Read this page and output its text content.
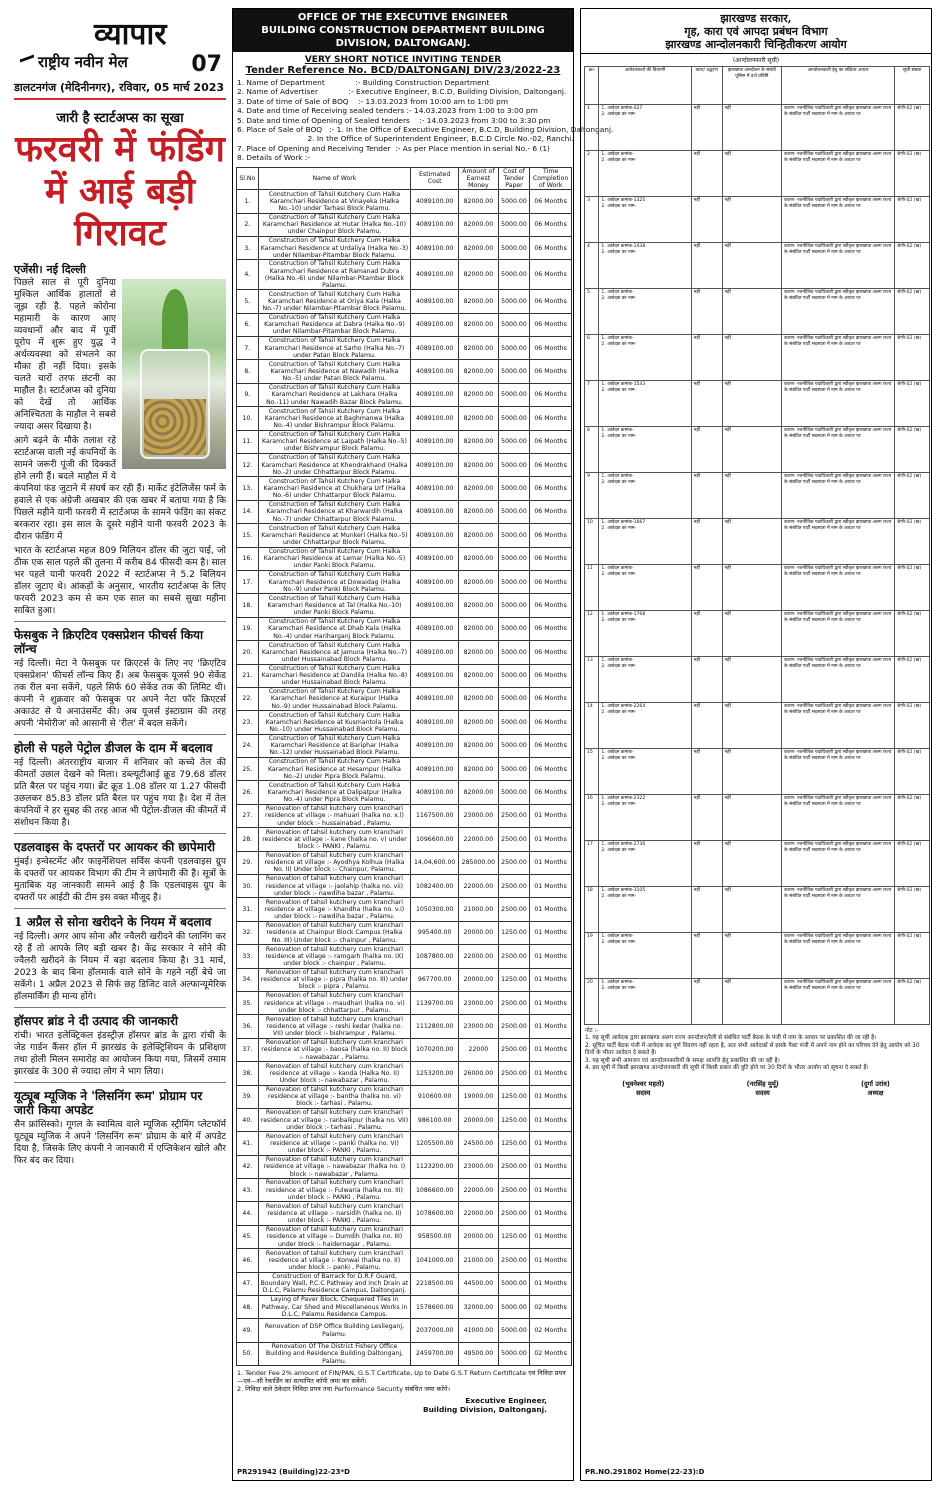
व्यापार
राष्ट्रीय नवीन मेल	07
डालटनगंज (मेदिनीनगर), रविवार, 05 मार्च 2023
जारी है स्टार्टअप्स का सूखा
फरवरी में फंडिंग में आई बड़ी गिरावट
एजेंसी। नई दिल्ली

पिछले साल से पूरी दुनिया मुश्किल आर्थिक हालातों से जूझ रही है. पहले कोरोना महामारी के कारण आए व्यवधानों और बाद में पूर्वी यूरोप में शुरू हुए युद्ध ने अर्थव्यवस्था को संभलने का मौका ही नहीं दिया। इसके चलते चारों तरफ छंटनी का माहौल है। स्टार्टअप्स को दुनिया को देखें तो आर्थिक अनिश्चितता के माहौल ने सबसे ज्यादा असर दिखाया है।

आगे बढ़ने के मौके तलाश रहे स्टार्टअप्स वाली नई कंपनियों के सामने जरूरी पूंजी की दिक्कतें होने लगी हैं। बदले माहौल में ये कंपनियां फंड जुटाने में संघर्ष कर रही हैं। मार्केट इंटेलिजेंस फर्म के हवाले से एक अंग्रेजी अखबार की एक खबर में बताया गया है कि पिछले महीने यानी फरवरी में स्टार्टअप्स के सामने फंडिंग का संकट बरकरार रहा। इस साल के दूसरे महीने यानी फरवरी 2023 के दौरान फंडिंग में

भारत के स्टार्टअप्स महज 809 मिलियन डॉलर की जुटा पाई, जो ठीक एक साल पहले की तुलना में करीब 84 फीसदी कम है। साल भर पहले यानी फरवरी 2022 में स्टार्टअप्स ने 5.2 बिलियन डॉलर जुटाए थे। आंकड़ों के अनुसार, भारतीय स्टार्टअप्स के लिए फरवरी 2023 कम से कम एक साल का सबसे सुखा महीना साबित हुआ।

फेसबुक ने क्रिएटिव एक्सप्रेशन फीचर्स किया लॉन्च
नई दिल्ली। मेटा ने फेसबुक पर क्रिएटर्स के लिए नए 'क्रिएटिव एक्सप्रेशन' फीचर्स लॉन्च किए हैं। अब फेसबुक यूजर्स 90 सेकेंड तक रील बना सकेंगे, पहले सिर्फ 60 सेकेंड तक की लिमिट थी। कंपनी ने शुक्रवार को फेसबुक पर अपने नेटा फॉर क्रिएटर्स अकाउंट से ये अनाउंसमेंट की। अब यूजर्स इंस्टाग्राम की तरह अपनी 'मेमोरीज' को आसानी से 'रील' में बदल सकेंगे।
होली से पहले पेट्रोल डीजल के दाम में बदलाव
नई दिल्ली। अंतरराष्ट्रीय बाजार में शनिवार को कच्चे तेल की कीमतों उछाल देखने को मिला। डब्ल्यूटीआई क्रूड 79.68 डॉलर प्रति बैरल पर पहुंच गया। ब्रेंट क्रूड 1.08 डॉलर या 1.27 फीसदी उछलकर 85.83 डॉलर प्रति बैरल पर पहुंच गया है। देश में तेल कंपनियों ने हर सुबह की तरह आज भी पेट्रोल-डीजल की कीमतें में संशोधन किया है।
एडलवाइस के दफ्तरों पर आयकर की छापेमारी
मुंबई। इन्वेस्टमेंट और फाइनेंशियल सर्विस कंपनी एडलवाइस ग्रुप के दफ्तरों पर आयकर विभाग की टीम ने छापेमारी की है। सूत्रों के मुताबिक यह जानकारी सामने आई है कि एडलवाइस ग्रुप के दफ्तरों पर आईटी की टीम इस वक्त मौजूद है।
1 अप्रैल से सोना खरीदने के नियम में बदलाव
नई दिल्ली। अगर आप सोना और ज्वैलरी खरीदने की प्लानिंग कर रहे हैं तो आपके लिए बड़ी खबर है। केंद्र सरकार ने सोने की ज्वैलरी खरीदने के नियम में बड़ा बदलाव किया है। 31 मार्च, 2023 के बाद बिना हॉलमार्क वाले सोने के गहने नहीं बेचे जा सकेंगे। 1 अप्रैल 2023 से सिर्फ छह डिजिट वाले अल्फान्यूमेरिक हॉलमार्किंग ही मान्य होंगे।
हॉसपर ब्रांड ने दी उत्पाद की जानकारी
रांची। भारत इलेक्ट्रिकल इंडस्ट्रीज़ हॉसपर ब्रांड के द्वारा रांची के जेड गार्डन कैंसर हॉल में झारखंड के इलेक्ट्रिशियन के प्रशिक्षण तथा होली मिलन समारोह का आयोजन किया गया, जिसमें तमाम झारखंड के 300 से ज्यादा लोग ने भाग लिया।
यूट्यूब म्यूजिक ने 'लिसनिंग रूम' प्रोग्राम पर जारी किया अपडेट
सैन फ्रांसिस्को। गूगल के स्वामित्व वाले म्यूजिक स्ट्रीमिंग प्लेटफॉर्म यूट्यूब म्यूजिक ने अपने 'लिसनिंग रूम' प्रोग्राम के बारे में अपडेट दिया है, जिसके लिए कंपनी ने जानकारी में एप्लिकेशन खोले और फिर बंद कर दिया।
OFFICE OF THE EXECUTIVE ENGINEER
BUILDING CONSTRUCTION DEPARTMENT BUILDING DIVISION, DALTONGANJ.
VERY SHORT NOTICE INVITING TENDER
Tender Reference No. BCD/DALTONGANJ DIV/23/2022-23
1. Name of Department             :- Building Construction Department
2. Name of Advertiser             :- Executive Engineer, B.C.D, Building Division, Daltonganj.
3. Date of time of Sale of BOQ    :- 13.03.2023 from 10:00 am to 1:00 pm
4. Date and time of Receiving sealed tenders :- 14.03.2023 from 1:00 to 3:00 pm
5. Date and time of Opening of Sealed tenders    :- 14.03.2023 from 3:00 to 3:30 pm
6. Place of Sale of BOQ   :- 1. In the Office of Executive Engineer, B.C.D, Building Division, Daltonganj.
2. In the Office of Superintendent Engineer, B.C.D Circle No.-02, Ranchi.
7. Place of Opening and Receiving Tender  :- As per Place mention in serial No.- 6 (1)
8. Details of Work :-
Sl.No	Name of Work	Estimated Cost	Amount of Earnest Money	Cost of Tender Paper	Time Completion of Work
1.	Construction of Tahsil Kutchery Cum Halka Karamchari Residence at Vinayeka (Halka No.-10) under Tarhasi Block Palamu.	4089100.00	82000.00	5000.00	06 Months
2.	Construction of Tahsil Kutchery Cum Halka Karamchari Residence at Hutar (Halka No.-10) under Chainpur Block Palamu.	4089100.00	82000.00	5000.00	06 Months
3.	Construction of Tahsil Kutchery Cum Halka Karamchari Residence at Urdaliya (Halka No.-3) under Nilambar-Pitambar Block Palamu.	4089100.00	82000.00	5000.00	06 Months
4.	Construction of Tahsil Kutchery Cum Halka Karamchari Residence at Ramanad Dubra (Halka No.-6) under Nilambar-Pitambar Block Palamu.	4089100.00	82000.00	5000.00	06 Months
5.	Construction of Tahsil Kutchery Cum Halka Karamchari Residence at Oriya Kala (Halka No.-7) under Nilambar-Pitambar Block Palamu.	4089100.00	82000.00	5000.00	06 Months
6.	Construction of Tahsil Kutchery Cum Halka Karamchari Residence at Dabra (Halka No.-9) under Nilambar-Pitambar Block Palamu.	4089100.00	82000.00	5000.00	06 Months
7.	Construction of Tahsil Kutchery Cum Halka Karamchari Residence at Sarho (Halka No.-7) under Patan Block Palamu.	4089100.00	82000.00	5000.00	06 Months
8.	Construction of Tahsil Kutchery Cum Halka Karamchari Residence at Nawadih (Halka No.-5) under Patan Block Palamu.	4089100.00	82000.00	5000.00	06 Months
9.	Construction of Tahsil Kutchery Cum Halka Karamchari Residence at Lakhara (Halka No.-11) under Nawadih Bazar Block Palamu.	4089100.00	82000.00	5000.00	06 Months
10.	Construction of Tahsil Kutchery Cum Halka Karamchari Residence at Baghmanwa (Halka No.-4) under Bishrampur Block Palamu.	4089100.00	82000.00	5000.00	06 Months
11.	Construction of Tahsil Kutchery Cum Halka Karamchari Residence at Laipath (Halka No.-5) under Bishrampur Block Palamu.	4089100.00	82000.00	5000.00	06 Months
12.	Construction of Tahsil Kutchery Cum Halka Karamchari Residence at Khendrakhand (Halka No.-2) under Chhattarpur Block Palamu.	4089100.00	82000.00	5000.00	06 Months
13.	Construction of Tahsil Kutchery Cum Halka Karamchari Residence at Chukhara Urf (Halka No.-6) under Chhattarpur Block Palamu.	4089100.00	82000.00	5000.00	06 Months
14.	Construction of Tahsil Kutchery Cum Halka Karamchari Residence at Kharwardih (Halka No.-7) under Chhattarpur Block Palamu.	4089100.00	82000.00	5000.00	06 Months
15.	Construction of Tahsil Kutchery Cum Halka Karamchari Residence at Munkeri (Halka No.-5) under Chhattarpur Block Palamu.	4089100.00	82000.00	5000.00	06 Months
16.	Construction of Tahsil Kutchery Cum Halka Karamchari Residence at Lemar (Halka No.-5) under Panki Block Palamu.	4089100.00	82000.00	5000.00	06 Months
17.	Construction of Tahsil Kutchery Cum Halka Karamchari Residence at Dowaidag (Halka No.-9) under Panki Block Palamu.	4089100.00	82000.00	5000.00	06 Months
18.	Construction of Tahsil Kutchery Cum Halka Karamchari Residence at Tal (Halka No.-10) under Panki Block Palamu.	4089100.00	82000.00	5000.00	06 Months
19.	Construction of Tahsil Kutchery Cum Halka Karamchari Residence at Dhab Kala (Halka No.-4) under Hariharganj Block Palamu.	4089100.00	82000.00	5000.00	06 Months
20.	Construction of Tahsil Kutchery Cum Halka Karamchari Residence at Jamuna (Halka No.-7) under Hussainabad Block Palamu.	4089100.00	82000.00	5000.00	06 Months
21.	Construction of Tahsil Kutchery Cum Halka Karamchari Residence at Dandila (Halka No.-8) under Hussainabad Block Palamu.	4089100.00	82000.00	5000.00	06 Months
22.	Construction of Tahsil Kutchery Cum Halka Karamchari Residence at Kuraipur (Halka No.-9) under Hussainabad Block Palamu.	4089100.00	82000.00	5000.00	06 Months
23.	Construction of Tahsil Kutchery Cum Halka Karamchari Residence at Kusmantola (Halka No.-10) under Hussainabad Block Palamu.	4089100.00	82000.00	5000.00	06 Months
24.	Construction of Tahsil Kutchery Cum Halka Karamchari Residence at Bariphar (Halka No.-12) under Hussainabad Block Palamu.	4089100.00	82000.00	5000.00	06 Months
25.	Construction of Tahsil Kutchery Cum Halka Karamchari Residence at Hesampur (Halka No.-2) under Pipra Block Palamu.	4089100.00	82000.00	5000.00	06 Months
26.	Construction of Tahsil Kutchery Cum Halka Karamchari Residence at Dalipatpur (Halka No.-4) under Pipra Block Palamu.	4089100.00	82000.00	5000.00	06 Months
27.	Renovation of tahsil kutchery cum kranchari residence at village :- mahuari (halka no. x.l) under block :- hussainabad , Palamu.	1167500.00	23000.00	2500.00	01 Months
28.	Renovation of tahsil kutchery cum kranchari residence at village :- kane (halka no. v) under block :- PANKI , Palamu.	1096600.00	22000.00	2500.00	01 Months
29.	Renovation of tahsil kutchery cum kranchari residence at village :- Ayodhya Kolhua (Halka No. II) Under block :- Chainpur, Palamu.	14,04,600.00	285000.00	2500.00	01 Months
30.	Renovation of tahsil kutchery cum kranchari residence at village :- jaolahip (halka no. vii) under block :- nawdiha bazar , Palamu.	1082400.00	22000.00	2500.00	01 Months
31.	Renovation of tahsil kutchery cum kranchari residence at village :- khandha (halka no. v.i) under block :- nawdiha bazar , Palamu.	1050300.00	21000.00	2500.00	01 Months
32.	Renovation of tahsil kutchery cum kranchari residence at Chainpur Block Campus (Halka No. III) Under block :- chainpur , Palamu.	995400.00	20000.00	1250.00	01 Months
33.	Renovation of tahsil kutchery cum kranchari residence at village :- ramgarh (halka no. IX) under block :- chainpur , Palamu.	1087800.00	22000.00	2500.00	01 Months
34.	Renovation of tahsil kutchery cum kranchari residence at village :- pipra (halka no. III) under block :- pipra , Palamu.	967700.00	20000.00	1250.00	01 Months
35.	Renovation of tahsil kutchery cum kranchari residence at village :- maudhari (halka no. vi) under block :- chhattarpur , Palamu.	1139700.00	23000.00	2500.00	01 Months
36.	Renovation of tahsil kutchery cum kranchari residence at village :- reshi kedar (halka no. VII) under block :- bishrampur , Palamu.	1112800.00	23000.00	2500.00	01 Months
37.	Renovation of tahsil kutchery cum kranchari residence at village :- baosa (halka no. II) block :- nawabazar , Palamu.	1070200.00	22000	2500.00	01 Months
38.	Renovation of tahsil kutchery cum kranchari residence at village :- kanda (Halka No. II) Under block :- nawabazar , Palamu.	1253200.00	26000.00	2500.00	01 Months
39.	Renovation of tahsil kutchery cum kranchari residence at village :- bantha (halka no. vi) block :- tarhasi , Palamu.	910600.00	19000.00	1250.00	01 Months
40.	Renovation of tahsil kutchery cum kranchari residence at village :- ranbaikpur (halka no. VII) under block :- tarhasi , Palamu.	986100.00	20000.00	1250.00	01 Months
41.	Renovation of tahsil kutchery cum kranchari residence at village :- panki (halka no. VI) under block :- PANKI , Palamu.	1205500.00	24500.00	1250.00	01 Months
42.	Renovation of tahsil kutchery cum kranchari residence at village :- nawabazar (halka no. I) block :- nawabazar , Palamu.	1123200.00	23000.00	2500.00	01 Months
43.	Renovation of tahsil kutchery cum kranchari residence at village :- Fulwaria (halka no. III) under block :- PANKI , Palamu.	1086600.00	22000.00	2500.00	01 Months
44.	Renovation of tahsil kutchery cum kranchari residence at village :- narsidih (halka no. II) under block :- PANKI , Palamu.	1078600.00	22000.00	2500.00	01 Months
45.	Renovation of tahsil kutchery cum kranchari residence at village :- Dumdih (halka no. III) under block :- haidernagar , Palamu.	958500.00	20000.00	1250.00	01 Months
46.	Renovation of tahsil kutchery cum kranchari residence at village :- Konwai (halka no. II) under block :- panki , Palamu.	1041000.00	21000.00	2500.00	01 Months
47.	Construction of Barrack for D.R.F Guard, Boundary Wall, P.C.C Pathway and Inch Drain at D.L.C, Palamu Residence Campus, Daltonganj.	2218500.00	44500.00	5000.00	01 Months
48.	Laying of Paver Block, Chequered Tiles in Pathway, Car Shed and Miscellaneous Works in D.L.C, Palamu Residence Campus.	1578600.00	32000.00	5000.00	02 Months
49.	Renovation of DSP Office Building Leslieganj, Palamu.	2037000.00	41000.00	5000.00	02 Months
50.	Renovation Of The District Fishery Office Building and Residence Building Daltonganj, Palamu.	2459700.00	49500.00	5000.00	02 Months
1. Tender Fee 2% amount of FIN/PAN, G.S.T Certificate, Up to Date G.S.T Return Certificate एवं निविदा प्रपत्र—एवं—सी रेकार्डिंग का सत्यापित कॉपी जमा कर सकेंगे।
2. निविदा वाले ठेकेदार निविदा प्रपत्र तथा Performance Security संबंधित जमा करेंगे।
Executive Engineer,
Building Division, Daltonganj.
PR291942 (Building)22-23*D
झारखण्ड सरकार,
गृह, कारा एवं आपदा प्रबंधन विभाग
झारखण्ड आन्दोलनकारी चिन्हितीकरण आयोग
(आन्दोलनकारी सूची)
क्र०	आवेदनकर्त्ता की विवरणी	कारा/ उद्धरण	झारखण्ड आन्दोलन के संबंधी पुलिस में दर्ज प्रविष्टि	आन्दोलनकारी हेतु का संक्षिप्त आधार	सूची संख्या
1	1. आवेदन क्रमांक-027
2. आवेदक का नाम-	नहीं	नहीं	कारण- रजनीतिक पदाधिकारी द्वारा स्वीकृत झारखण्ड अलग राज्य के संबंधित पार्टी सदस्यता में नाम के आधार पर	श्रेणी-02 (ख)
2	1. आवेदन क्रमांक-
2. आवेदक का नाम-	नहीं	नहीं	कारण- रजनीतिक पदाधिकारी द्वारा स्वीकृत झारखण्ड अलग राज्य के संबंधित पार्टी सदस्यता में नाम के आधार पर	श्रेणी-02 (ख)
3	1. आवेदन क्रमांक-1325
2. आवेदक का नाम-	नहीं	नहीं	कारण- रजनीतिक पदाधिकारी द्वारा स्वीकृत झारखण्ड अलग राज्य के संबंधित पार्टी सदस्यता में नाम के आधार पर	श्रेणी-02 (ख)
4	1. आवेदन क्रमांक-1438
2. आवेदक का नाम-	नहीं	नहीं	कारण- रजनीतिक पदाधिकारी द्वारा स्वीकृत झारखण्ड अलग राज्य के संबंधित पार्टी सदस्यता में नाम के आधार पर	श्रेणी-02 (ख)
5	1. आवेदन क्रमांक-
2. आवेदक का नाम-	नहीं	नहीं	कारण- रजनीतिक पदाधिकारी द्वारा स्वीकृत झारखण्ड अलग राज्य के संबंधित पार्टी सदस्यता में नाम के आधार पर	श्रेणी-02 (ख)
6	1. आवेदन क्रमांक-
2. आवेदक का नाम-	नहीं	नहीं	कारण- रजनीतिक पदाधिकारी द्वारा स्वीकृत झारखण्ड अलग राज्य के संबंधित पार्टी सदस्यता में नाम के आधार पर	श्रेणी-02 (ख)
7	1. आवेदन क्रमांक-1543
2. आवेदक का नाम-	नहीं	नहीं	कारण- रजनीतिक पदाधिकारी द्वारा स्वीकृत झारखण्ड अलग राज्य के संबंधित पार्टी सदस्यता में नाम के आधार पर	श्रेणी-02 (ख)
8	1. आवेदन क्रमांक-
2. आवेदक का नाम-	नहीं	नहीं	कारण- रजनीतिक पदाधिकारी द्वारा स्वीकृत झारखण्ड अलग राज्य के संबंधित पार्टी सदस्यता में नाम के आधार पर	श्रेणी-02 (ख)
9	1. आवेदन क्रमांक-
2. आवेदक का नाम-	नहीं	नहीं	कारण- रजनीतिक पदाधिकारी द्वारा स्वीकृत झारखण्ड अलग राज्य के संबंधित पार्टी सदस्यता में नाम के आधार पर	श्रेणी-02 (ख)
10	1. आवेदन क्रमांक-1667
2. आवेदक का नाम-	नहीं	नहीं	कारण- रजनीतिक पदाधिकारी द्वारा स्वीकृत झारखण्ड अलग राज्य के संबंधित पार्टी सदस्यता में नाम के आधार पर	श्रेणी-02 (ख)
11	1. आवेदन क्रमांक-
2. आवेदक का नाम-	नहीं	नहीं	कारण- रजनीतिक पदाधिकारी द्वारा स्वीकृत झारखण्ड अलग राज्य के संबंधित पार्टी सदस्यता में नाम के आधार पर	श्रेणी-02 (ख)
12	1. आवेदन क्रमांक-1768
2. आवेदक का नाम-	नहीं	नहीं	कारण- रजनीतिक पदाधिकारी द्वारा स्वीकृत झारखण्ड अलग राज्य के संबंधित पार्टी सदस्यता में नाम के आधार पर	श्रेणी-02 (ख)
13	1. आवेदन क्रमांक-
2. आवेदक का नाम-	नहीं	नहीं	कारण- रजनीतिक पदाधिकारी द्वारा स्वीकृत झारखण्ड अलग राज्य के संबंधित पार्टी सदस्यता में नाम के आधार पर	श्रेणी-02 (ख)
14	1. आवेदन क्रमांक-2264
2. आवेदक का नाम-	नहीं	नहीं	कारण- रजनीतिक पदाधिकारी द्वारा स्वीकृत झारखण्ड अलग राज्य के संबंधित पार्टी सदस्यता में नाम के आधार पर	श्रेणी-02 (ख)
15	1. आवेदन क्रमांक-
2. आवेदक का नाम-	नहीं	नहीं	कारण- रजनीतिक पदाधिकारी द्वारा स्वीकृत झारखण्ड अलग राज्य के संबंधित पार्टी सदस्यता में नाम के आधार पर	श्रेणी-02 (ख)
16	1. आवेदन क्रमांक-2322
2. आवेदक का नाम-	नहीं	नहीं	कारण- रजनीतिक पदाधिकारी द्वारा स्वीकृत झारखण्ड अलग राज्य के संबंधित पार्टी सदस्यता में नाम के आधार पर	श्रेणी-02 (ख)
17	1. आवेदन क्रमांक-2736
2. आवेदक का नाम-	नहीं	नहीं	कारण- रजनीतिक पदाधिकारी द्वारा स्वीकृत झारखण्ड अलग राज्य के संबंधित पार्टी सदस्यता में नाम के आधार पर	श्रेणी-02 (ख)
18	1. आवेदन क्रमांक-3105
2. आवेदक का नाम-	नहीं	नहीं	कारण- रजनीतिक पदाधिकारी द्वारा स्वीकृत झारखण्ड अलग राज्य के संबंधित पार्टी सदस्यता में नाम के आधार पर	श्रेणी-02 (ख)
19	1. आवेदन क्रमांक-
2. आवेदक का नाम-	नहीं	नहीं	कारण- रजनीतिक पदाधिकारी द्वारा स्वीकृत झारखण्ड अलग राज्य के संबंधित पार्टी सदस्यता में नाम के आधार पर	श्रेणी-02 (ख)
20	1. आवेदन क्रमांक-
2. आवेदक का नाम-	नहीं	नहीं	कारण- रजनीतिक पदाधिकारी द्वारा स्वीकृत झारखण्ड अलग राज्य के संबंधित पार्टी सदस्यता में नाम के आधार पर	श्रेणी-02 (ख)
नोट :-
1. यह सूची आवेदक द्वारा झारखण्ड अलग राज्य आन्दोलन/रैली से संबंधित पार्टी बैठक के पंजी में नाम के आधार पर प्रकाशित की जा रही है।
2. सूचित पार्टी बैठक पंजी में आवेदक का पूर्ण विवरण नहीं रहता है, अतः संभी आवेदकों से इसके पैक्ट पंजी में अपने नाम होने का परिचय देने हेतु आयोग को 30 दिनों के भीतर आवेदन दे सकते हैं।
3. यह सूची सभी आमजन एवं आन्दोलनकारियों के समक्ष आपत्ति हेतु प्रकाशित की जा रही है।
4. इस सूची में किसी झारखण्ड आन्दोलनकारी की सूची में किसी प्रकार की त्रुटि होने पर 30 दिनों के भीतर आयोग को सूचना दे सकते हैं।
(भुवनेश्वर महतो)
सदस्य
(नरसिंह मुर्मू)
सदस्य
(दुर्गा उरांव)
अध्यक्ष
PR.NO.291802 Home(22-23):D
